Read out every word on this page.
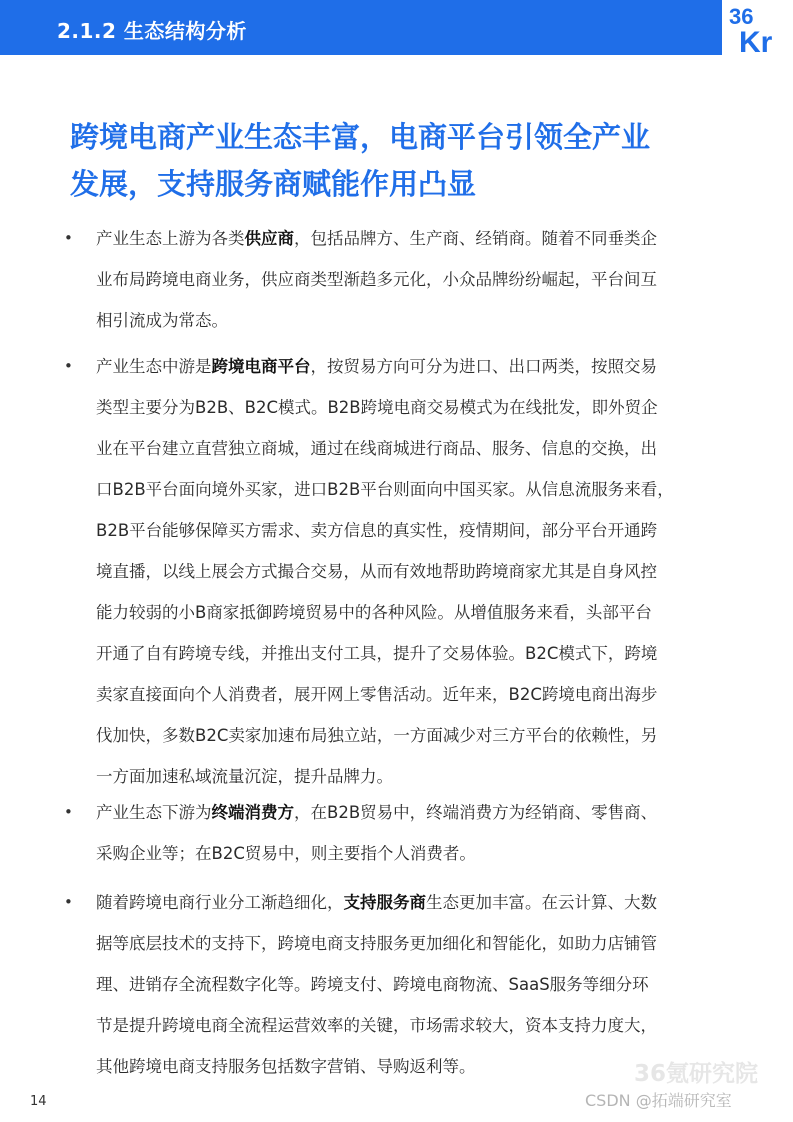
2.1.2 生态结构分析
36
Kr
跨境电商产业生态丰富，电商平台引领全产业
发展，支持服务商赋能作用凸显
• 产业生态上游为各类供应商，包括品牌方、生产商、经销商。随着不同垂类企
业布局跨境电商业务，供应商类型渐趋多元化，小众品牌纷纷崛起，平台间互
相引流成为常态。
• 产业生态中游是跨境电商平台，按贸易方向可分为进口、出口两类，按照交易
类型主要分为B2B、B2C模式。B2B跨境电商交易模式为在线批发，即外贸企
业在平台建立直营独立商城，通过在线商城进行商品、服务、信息的交换，出
口B2B平台面向境外买家，进口B2B平台则面向中国买家。从信息流服务来看，
B2B平台能够保障买方需求、卖方信息的真实性，疫情期间，部分平台开通跨
境直播，以线上展会方式撮合交易，从而有效地帮助跨境商家尤其是自身风控
能力较弱的小B商家抵御跨境贸易中的各种风险。从增值服务来看，头部平台
开通了自有跨境专线，并推出支付工具，提升了交易体验。B2C模式下，跨境
卖家直接面向个人消费者，展开网上零售活动。近年来，B2C跨境电商出海步
伐加快，多数B2C卖家加速布局独立站，一方面减少对三方平台的依赖性，另
一方面加速私域流量沉淀，提升品牌力。
• 产业生态下游为终端消费方，在B2B贸易中，终端消费方为经销商、零售商、
采购企业等；在B2C贸易中，则主要指个人消费者。
• 随着跨境电商行业分工渐趋细化，支持服务商生态更加丰富。在云计算、大数
据等底层技术的支持下，跨境电商支持服务更加细化和智能化，如助力店铺管
理、进销存全流程数字化等。跨境支付、跨境电商物流、SaaS服务等细分环
节是提升跨境电商全流程运营效率的关键，市场需求较大，资本支持力度大，
其他跨境电商支持服务包括数字营销、导购返利等。
14
36氪研究院
CSDN @拓端研究室
